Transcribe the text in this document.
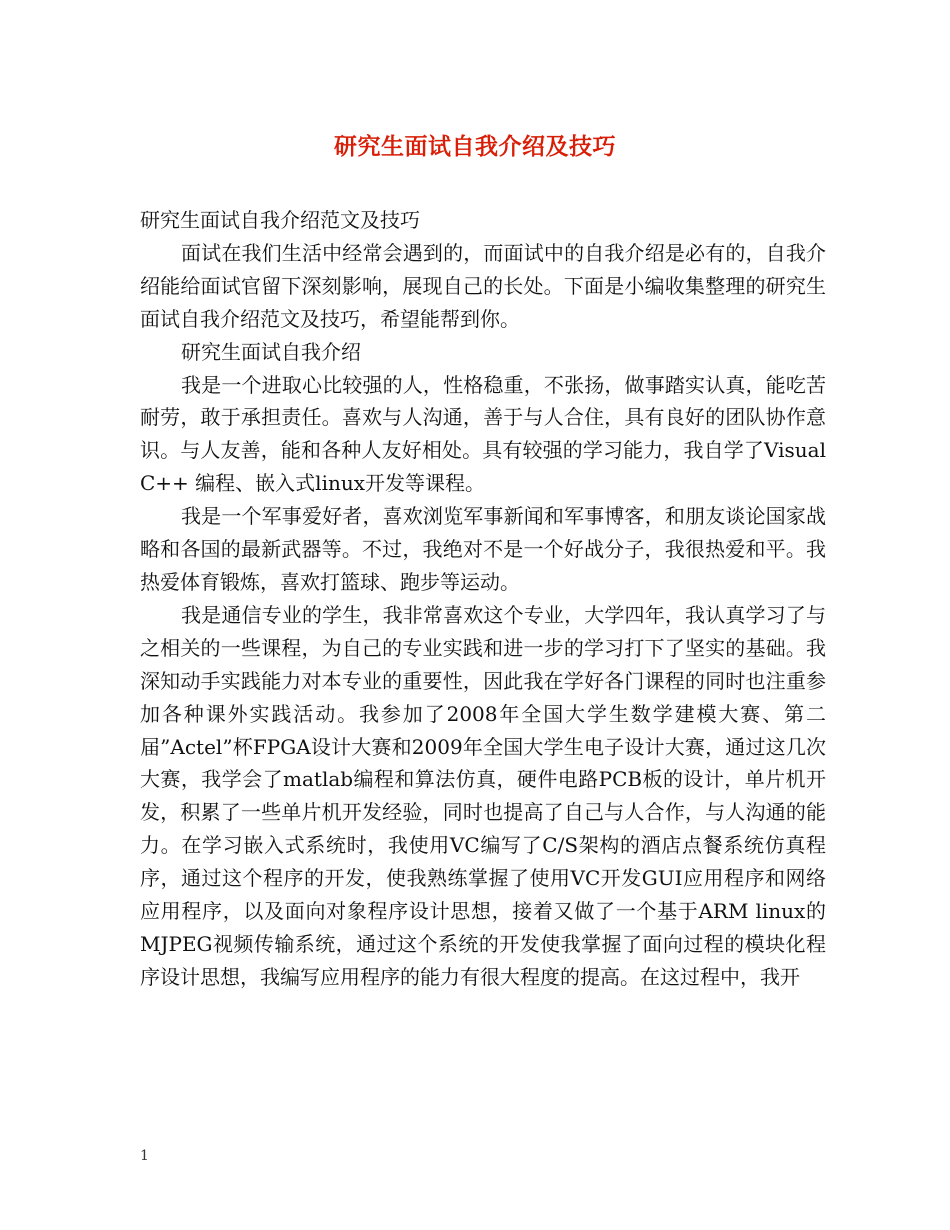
研究生面试自我介绍及技巧

研究生面试自我介绍范文及技巧

面试在我们生活中经常会遇到的，而面试中的自我介绍是必有的，自我介绍能给面试官留下深刻影响，展现自己的长处。下面是小编收集整理的研究生面试自我介绍范文及技巧，希望能帮到你。

研究生面试自我介绍

我是一个进取心比较强的人，性格稳重，不张扬，做事踏实认真，能吃苦耐劳，敢于承担责任。喜欢与人沟通，善于与人合住，具有良好的团队协作意识。与人友善，能和各种人友好相处。具有较强的学习能力，我自学了Visual C++ 编程、嵌入式linux开发等课程。

我是一个军事爱好者，喜欢浏览军事新闻和军事博客，和朋友谈论国家战略和各国的最新武器等。不过，我绝对不是一个好战分子，我很热爱和平。我热爱体育锻炼，喜欢打篮球、跑步等运动。

我是通信专业的学生，我非常喜欢这个专业，大学四年，我认真学习了与之相关的一些课程，为自己的专业实践和进一步的学习打下了坚实的基础。我深知动手实践能力对本专业的重要性，因此我在学好各门课程的同时也注重参加各种课外实践活动。我参加了2008年全国大学生数学建模大赛、第二届”Actel”杯FPGA设计大赛和2009年全国大学生电子设计大赛，通过这几次大赛，我学会了matlab编程和算法仿真，硬件电路PCB板的设计，单片机开发，积累了一些单片机开发经验，同时也提高了自己与人合作，与人沟通的能力。在学习嵌入式系统时，我使用VC编写了C/S架构的酒店点餐系统仿真程序，通过这个程序的开发，使我熟练掌握了使用VC开发GUI应用程序和网络应用程序，以及面向对象程序设计思想，接着又做了一个基于ARM linux的MJPEG视频传输系统，通过这个系统的开发使我掌握了面向过程的模块化程序设计思想，我编写应用程序的能力有很大程度的提高。在这过程中，我开

1
